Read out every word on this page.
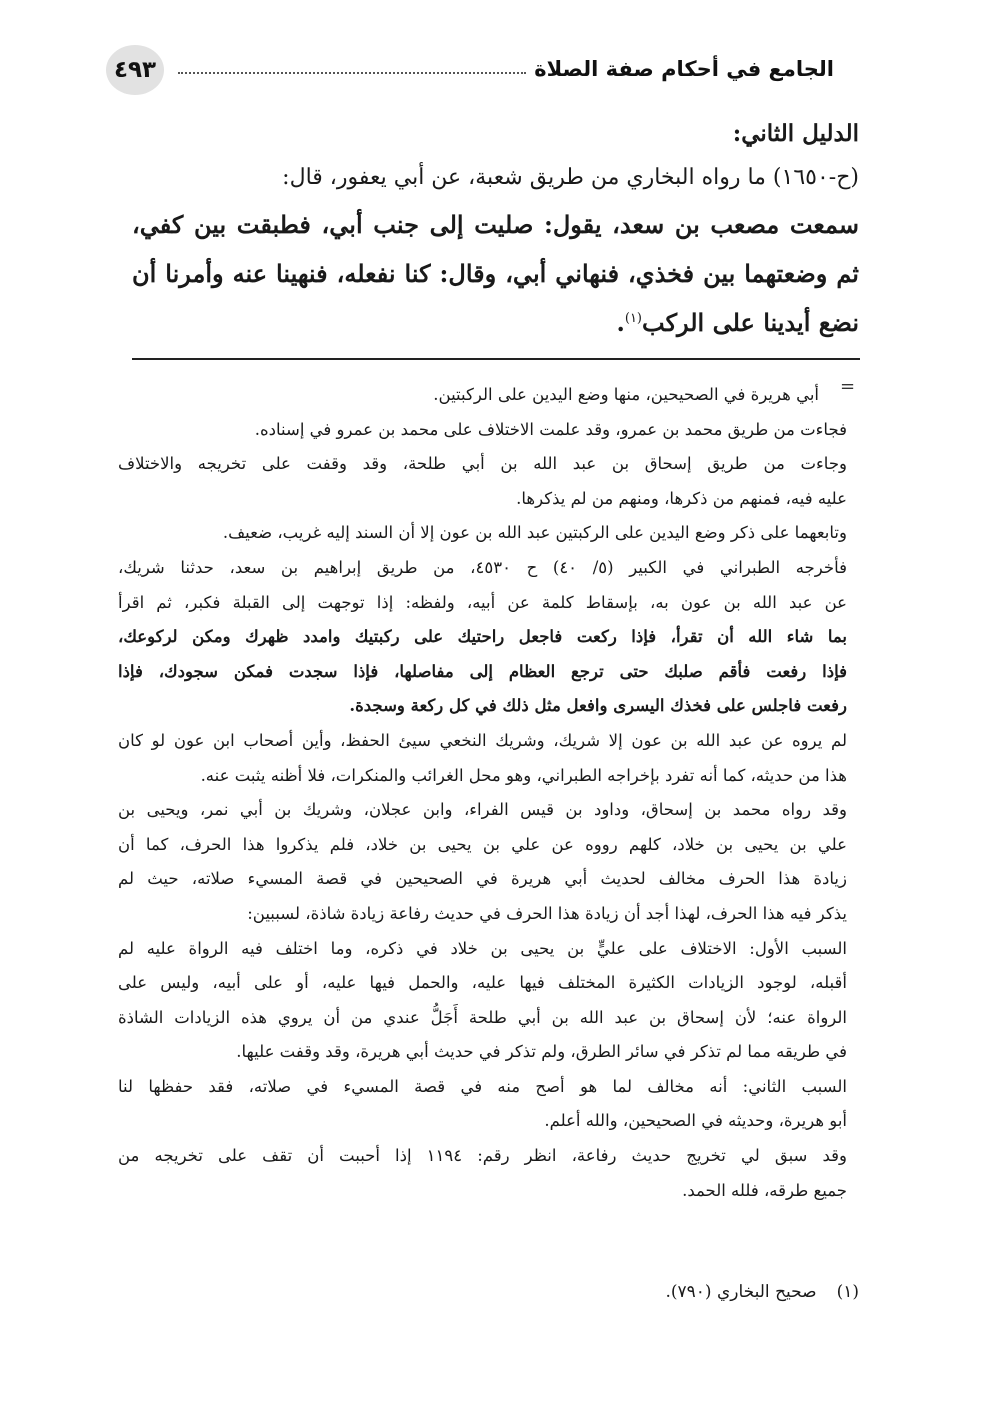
٤٩٣	الجامع في أحكام صفة الصلاة
الدليل الثاني:
(ح-١٦٥٠) ما رواه البخاري من طريق شعبة، عن أبي يعفور، قال:
سمعت مصعب بن سعد، يقول: صليت إلى جنب أبي، فطبقت بين كفي،
ثم وضعتهما بين فخذي، فنهاني أبي، وقال: كنا نفعله، فنهينا عنه وأمرنا أن
نضع أيدينا على الركب$^{(١)}$.
=
أبي هريرة في الصحيحين، منها وضع اليدين على الركبتين.
فجاءت من طريق محمد بن عمرو، وقد علمت الاختلاف على محمد بن عمرو في إسناده.
وجاءت من طريق إسحاق بن عبد الله بن أبي طلحة، وقد وقفت على تخريجه والاختلاف
عليه فيه، فمنهم من ذكرها، ومنهم من لم يذكرها.
وتابعهما على ذكر وضع اليدين على الركبتين عبد الله بن عون إلا أن السند إليه غريب، ضعيف.
فأخرجه الطبراني في الكبير (٥/ ٤٠) ح ٤٥٣٠، من طريق إبراهيم بن سعد، حدثنا شريك،
عن عبد الله بن عون به، بإسقاط كلمة عن أبيه، ولفظه: إذا توجهت إلى القبلة فكبر، ثم اقرأ
بما شاء الله أن تقرأ، فإذا ركعت فاجعل راحتيك على ركبتيك وامدد ظهرك ومكن لركوعك،
فإذا رفعت فأقم صلبك حتى ترجع العظام إلى مفاصلها، فإذا سجدت فمكن سجودك، فإذا
رفعت فاجلس على فخذك اليسرى وافعل مثل ذلك في كل ركعة وسجدة.
لم يروه عن عبد الله بن عون إلا شريك، وشريك النخعي سيئ الحفظ، وأين أصحاب ابن عون لو كان
هذا من حديثه، كما أنه تفرد بإخراجه الطبراني، وهو محل الغرائب والمنكرات، فلا أظنه يثبت عنه.
وقد رواه محمد بن إسحاق، وداود بن قيس الفراء، وابن عجلان، وشريك بن أبي نمر، ويحيى بن
علي بن يحيى بن خلاد، كلهم رووه عن علي بن يحيى بن خلاد، فلم يذكروا هذا الحرف، كما أن
زيادة هذا الحرف مخالف لحديث أبي هريرة في الصحيحين في قصة المسيء صلاته، حيث لم
يذكر فيه هذا الحرف، لهذا أجد أن زيادة هذا الحرف في حديث رفاعة زيادة شاذة، لسببين:
السبب الأول: الاختلاف على عليٍّ بن يحيى بن خلاد في ذكره، وما اختلف فيه الرواة عليه لم
أقبله، لوجود الزيادات الكثيرة المختلف فيها عليه، والحمل فيها عليه، أو على أبيه، وليس على
الرواة عنه؛ لأن إسحاق بن عبد الله بن أبي طلحة أَجَلُّ عندي من أن يروي هذه الزيادات الشاذة
في طريقه مما لم تذكر في سائر الطرق، ولم تذكر في حديث أبي هريرة، وقد وقفت عليها.
السبب الثاني: أنه مخالف لما هو أصح منه في قصة المسيء في صلاته، فقد حفظها لنا
أبو هريرة، وحديثه في الصحيحين، والله أعلم.
وقد سبق لي تخريج حديث رفاعة، انظر رقم: ١١٩٤ إذا أحببت أن تقف على تخريجه من
جميع طرقه، فلله الحمد.
(١)صحيح البخاري (٧٩٠).
